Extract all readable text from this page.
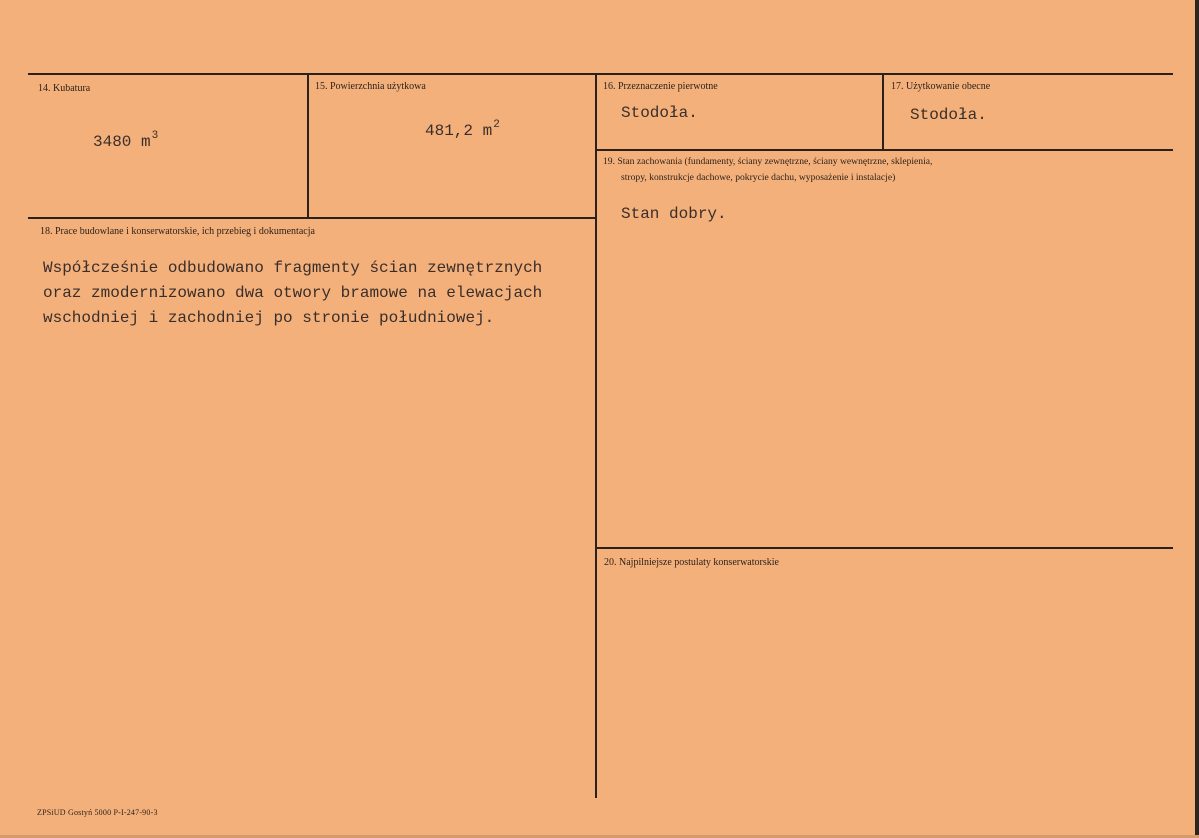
14. Kubatura
3480 $m^3$
15. Powierzchnia użytkowa
481,2 $m^2$
16. Przeznaczenie pierwotne
Stodoła.
17. Użytkowanie obecne
Stodoła.
18. Prace budowlane i konserwatorskie, ich przebieg i dokumentacja
Współcześnie odbudowano fragmenty ścian zewnętrznych
oraz zmodernizowano dwa otwory bramowe na elewacjach
wschodniej i zachodniej po stronie południowej.
19. Stan zachowania (fundamenty, ściany zewnętrzne, ściany wewnętrzne, sklepienia,
stropy, konstrukcje dachowe, pokrycie dachu, wyposażenie i instalacje)
Stan dobry.
20. Najpilniejsze postulaty konserwatorskie
ZPSiUD Gostyń 5000 P-I-247-90-3
